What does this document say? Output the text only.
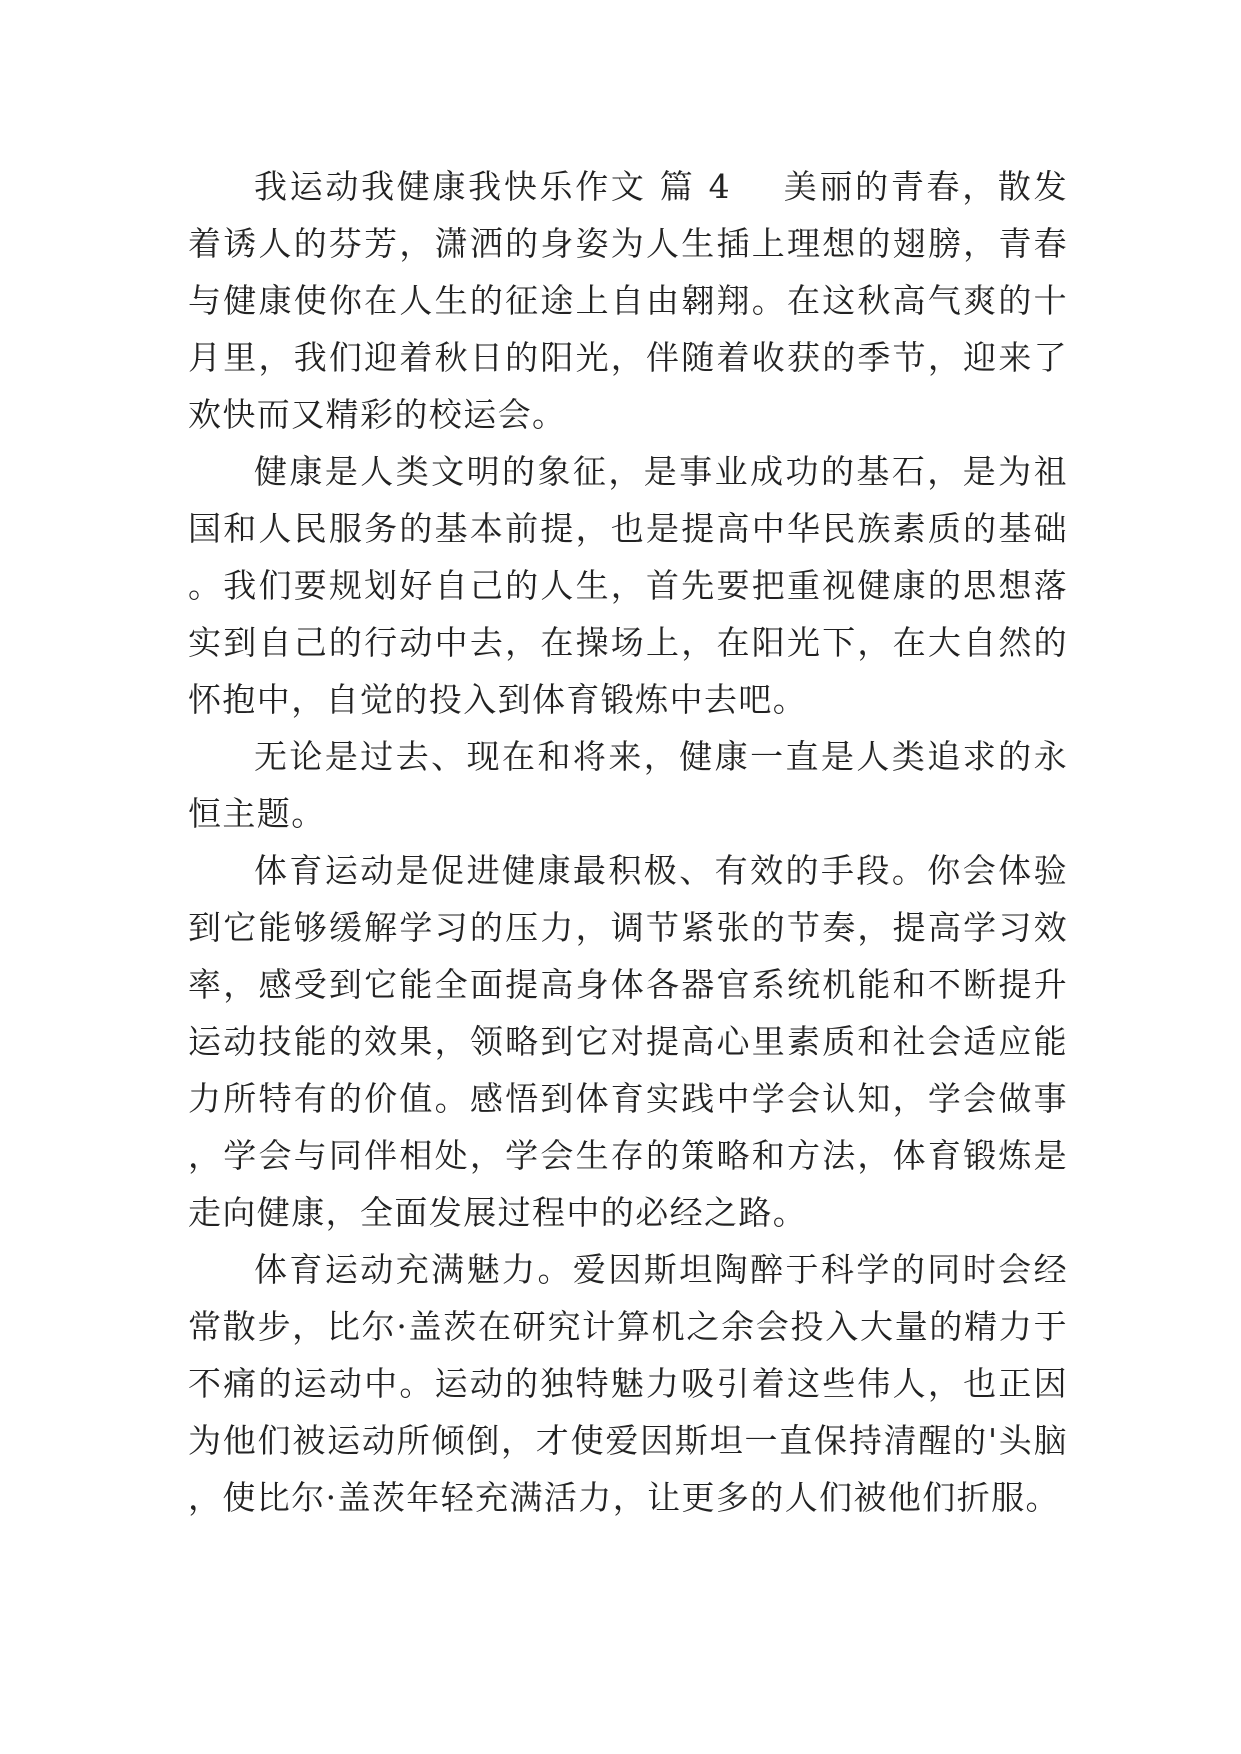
我运动我健康我快乐作文 篇 4 美丽的青春，散发着诱人的芬芳，潇洒的身姿为人生插上理想的翅膀，青春与健康使你在人生的征途上自由翱翔。在这秋高气爽的十月里，我们迎着秋日的阳光，伴随着收获的季节，迎来了欢快而又精彩的校运会。

健康是人类文明的象征，是事业成功的基石，是为祖国和人民服务的基本前提，也是提高中华民族素质的基础。我们要规划好自己的人生，首先要把重视健康的思想落实到自己的行动中去，在操场上，在阳光下，在大自然的怀抱中，自觉的投入到体育锻炼中去吧。

无论是过去、现在和将来，健康一直是人类追求的永恒主题。

体育运动是促进健康最积极、有效的手段。你会体验到它能够缓解学习的压力，调节紧张的节奏，提高学习效率，感受到它能全面提高身体各器官系统机能和不断提升运动技能的效果，领略到它对提高心里素质和社会适应能力所特有的价值。感悟到体育实践中学会认知，学会做事，学会与同伴相处，学会生存的策略和方法，体育锻炼是走向健康，全面发展过程中的必经之路。

体育运动充满魅力。爱因斯坦陶醉于科学的同时会经常散步，比尔·盖茨在研究计算机之余会投入大量的精力于不痛的运动中。运动的独特魅力吸引着这些伟人，也正因为他们被运动所倾倒，才使爱因斯坦一直保持清醒的'头脑，使比尔·盖茨年轻充满活力，让更多的人们被他们折服。
